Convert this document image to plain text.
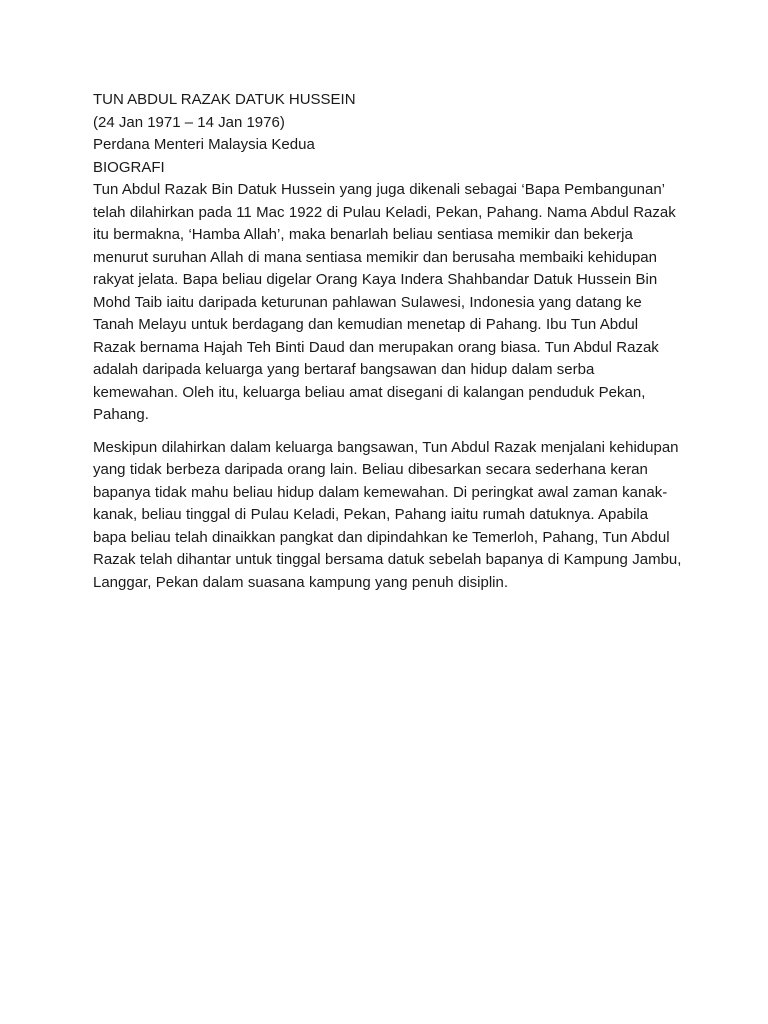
TUN ABDUL RAZAK DATUK HUSSEIN

(24 Jan 1971 – 14 Jan 1976)

Perdana Menteri Malaysia Kedua

BIOGRAFI

Tun Abdul Razak Bin Datuk Hussein yang juga dikenali sebagai ‘Bapa Pembangunan’ telah dilahirkan pada 11 Mac 1922 di Pulau Keladi, Pekan, Pahang. Nama Abdul Razak itu bermakna, ‘Hamba Allah’, maka benarlah beliau sentiasa memikir dan bekerja menurut suruhan Allah di mana sentiasa memikir dan berusaha membaiki kehidupan rakyat jelata. Bapa beliau digelar Orang Kaya Indera Shahbandar Datuk Hussein Bin Mohd Taib iaitu daripada keturunan pahlawan Sulawesi, Indonesia yang datang ke Tanah Melayu untuk berdagang dan kemudian menetap di Pahang. Ibu Tun Abdul Razak bernama Hajah Teh Binti Daud dan merupakan orang biasa. Tun Abdul Razak adalah daripada keluarga yang bertaraf bangsawan dan hidup dalam serba kemewahan. Oleh itu, keluarga beliau amat disegani di kalangan penduduk Pekan, Pahang.

Meskipun dilahirkan dalam keluarga bangsawan, Tun Abdul Razak menjalani kehidupan yang tidak berbeza daripada orang lain. Beliau dibesarkan secara sederhana keran bapanya tidak mahu beliau hidup dalam kemewahan. Di peringkat awal zaman kanak-kanak, beliau tinggal di Pulau Keladi, Pekan, Pahang iaitu rumah datuknya. Apabila bapa beliau telah dinaikkan pangkat dan dipindahkan ke Temerloh, Pahang, Tun Abdul Razak telah dihantar untuk tinggal bersama datuk sebelah bapanya di Kampung Jambu, Langgar, Pekan dalam suasana kampung yang penuh disiplin.
